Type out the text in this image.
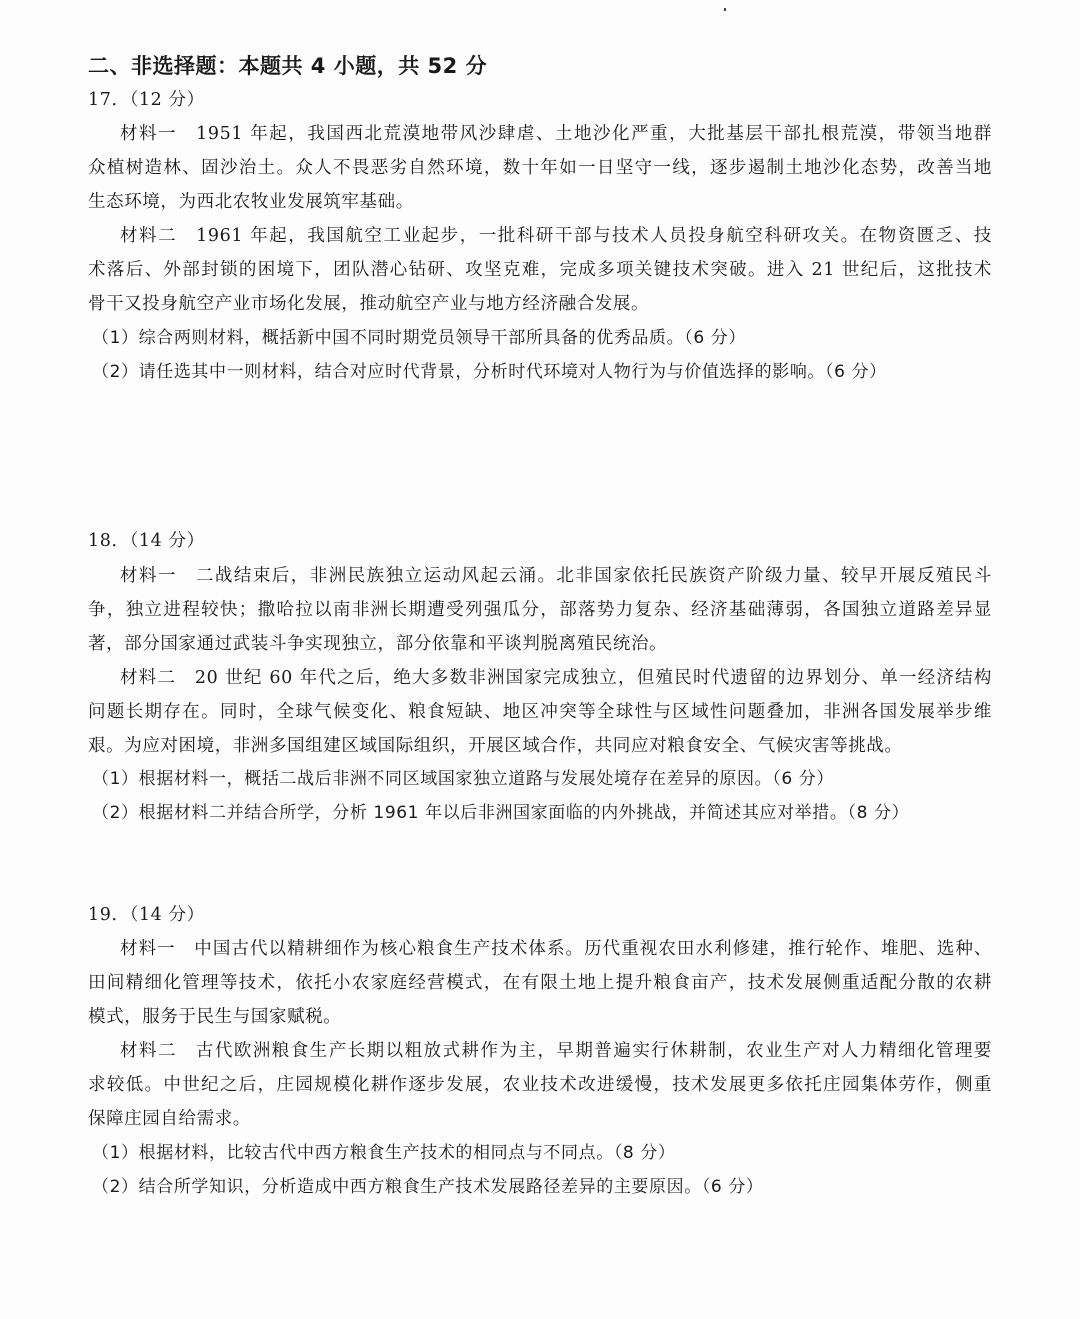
二、非选择题：本题共 4 小题，共 52 分
17．（12 分）
材料一　1951 年起，我国西北荒漠地带风沙肆虐、土地沙化严重，大批基层干部扎根荒漠，带领当地群
众植树造林、固沙治土。众人不畏恶劣自然环境，数十年如一日坚守一线，逐步遏制土地沙化态势，改善当地
生态环境，为西北农牧业发展筑牢基础。
材料二　1961 年起，我国航空工业起步，一批科研干部与技术人员投身航空科研攻关。在物资匮乏、技
术落后、外部封锁的困境下，团队潜心钻研、攻坚克难，完成多项关键技术突破。进入 21 世纪后，这批技术
骨干又投身航空产业市场化发展，推动航空产业与地方经济融合发展。
（1）综合两则材料，概括新中国不同时期党员领导干部所具备的优秀品质。（6 分）
（2）请任选其中一则材料，结合对应时代背景，分析时代环境对人物行为与价值选择的影响。（6 分）
18．（14 分）
材料一　二战结束后，非洲民族独立运动风起云涌。北非国家依托民族资产阶级力量、较早开展反殖民斗
争，独立进程较快；撒哈拉以南非洲长期遭受列强瓜分，部落势力复杂、经济基础薄弱，各国独立道路差异显
著，部分国家通过武装斗争实现独立，部分依靠和平谈判脱离殖民统治。
材料二　20 世纪 60 年代之后，绝大多数非洲国家完成独立，但殖民时代遗留的边界划分、单一经济结构
问题长期存在。同时，全球气候变化、粮食短缺、地区冲突等全球性与区域性问题叠加，非洲各国发展举步维
艰。为应对困境，非洲多国组建区域国际组织，开展区域合作，共同应对粮食安全、气候灾害等挑战。
（1）根据材料一，概括二战后非洲不同区域国家独立道路与发展处境存在差异的原因。（6 分）
（2）根据材料二并结合所学，分析 1961 年以后非洲国家面临的内外挑战，并简述其应对举措。（8 分）
19．（14 分）
材料一　中国古代以精耕细作为核心粮食生产技术体系。历代重视农田水利修建，推行轮作、堆肥、选种、
田间精细化管理等技术，依托小农家庭经营模式，在有限土地上提升粮食亩产，技术发展侧重适配分散的农耕
模式，服务于民生与国家赋税。
材料二　古代欧洲粮食生产长期以粗放式耕作为主，早期普遍实行休耕制，农业生产对人力精细化管理要
求较低。中世纪之后，庄园规模化耕作逐步发展，农业技术改进缓慢，技术发展更多依托庄园集体劳作，侧重
保障庄园自给需求。
（1）根据材料，比较古代中西方粮食生产技术的相同点与不同点。（8 分）
（2）结合所学知识，分析造成中西方粮食生产技术发展路径差异的主要原因。（6 分）
